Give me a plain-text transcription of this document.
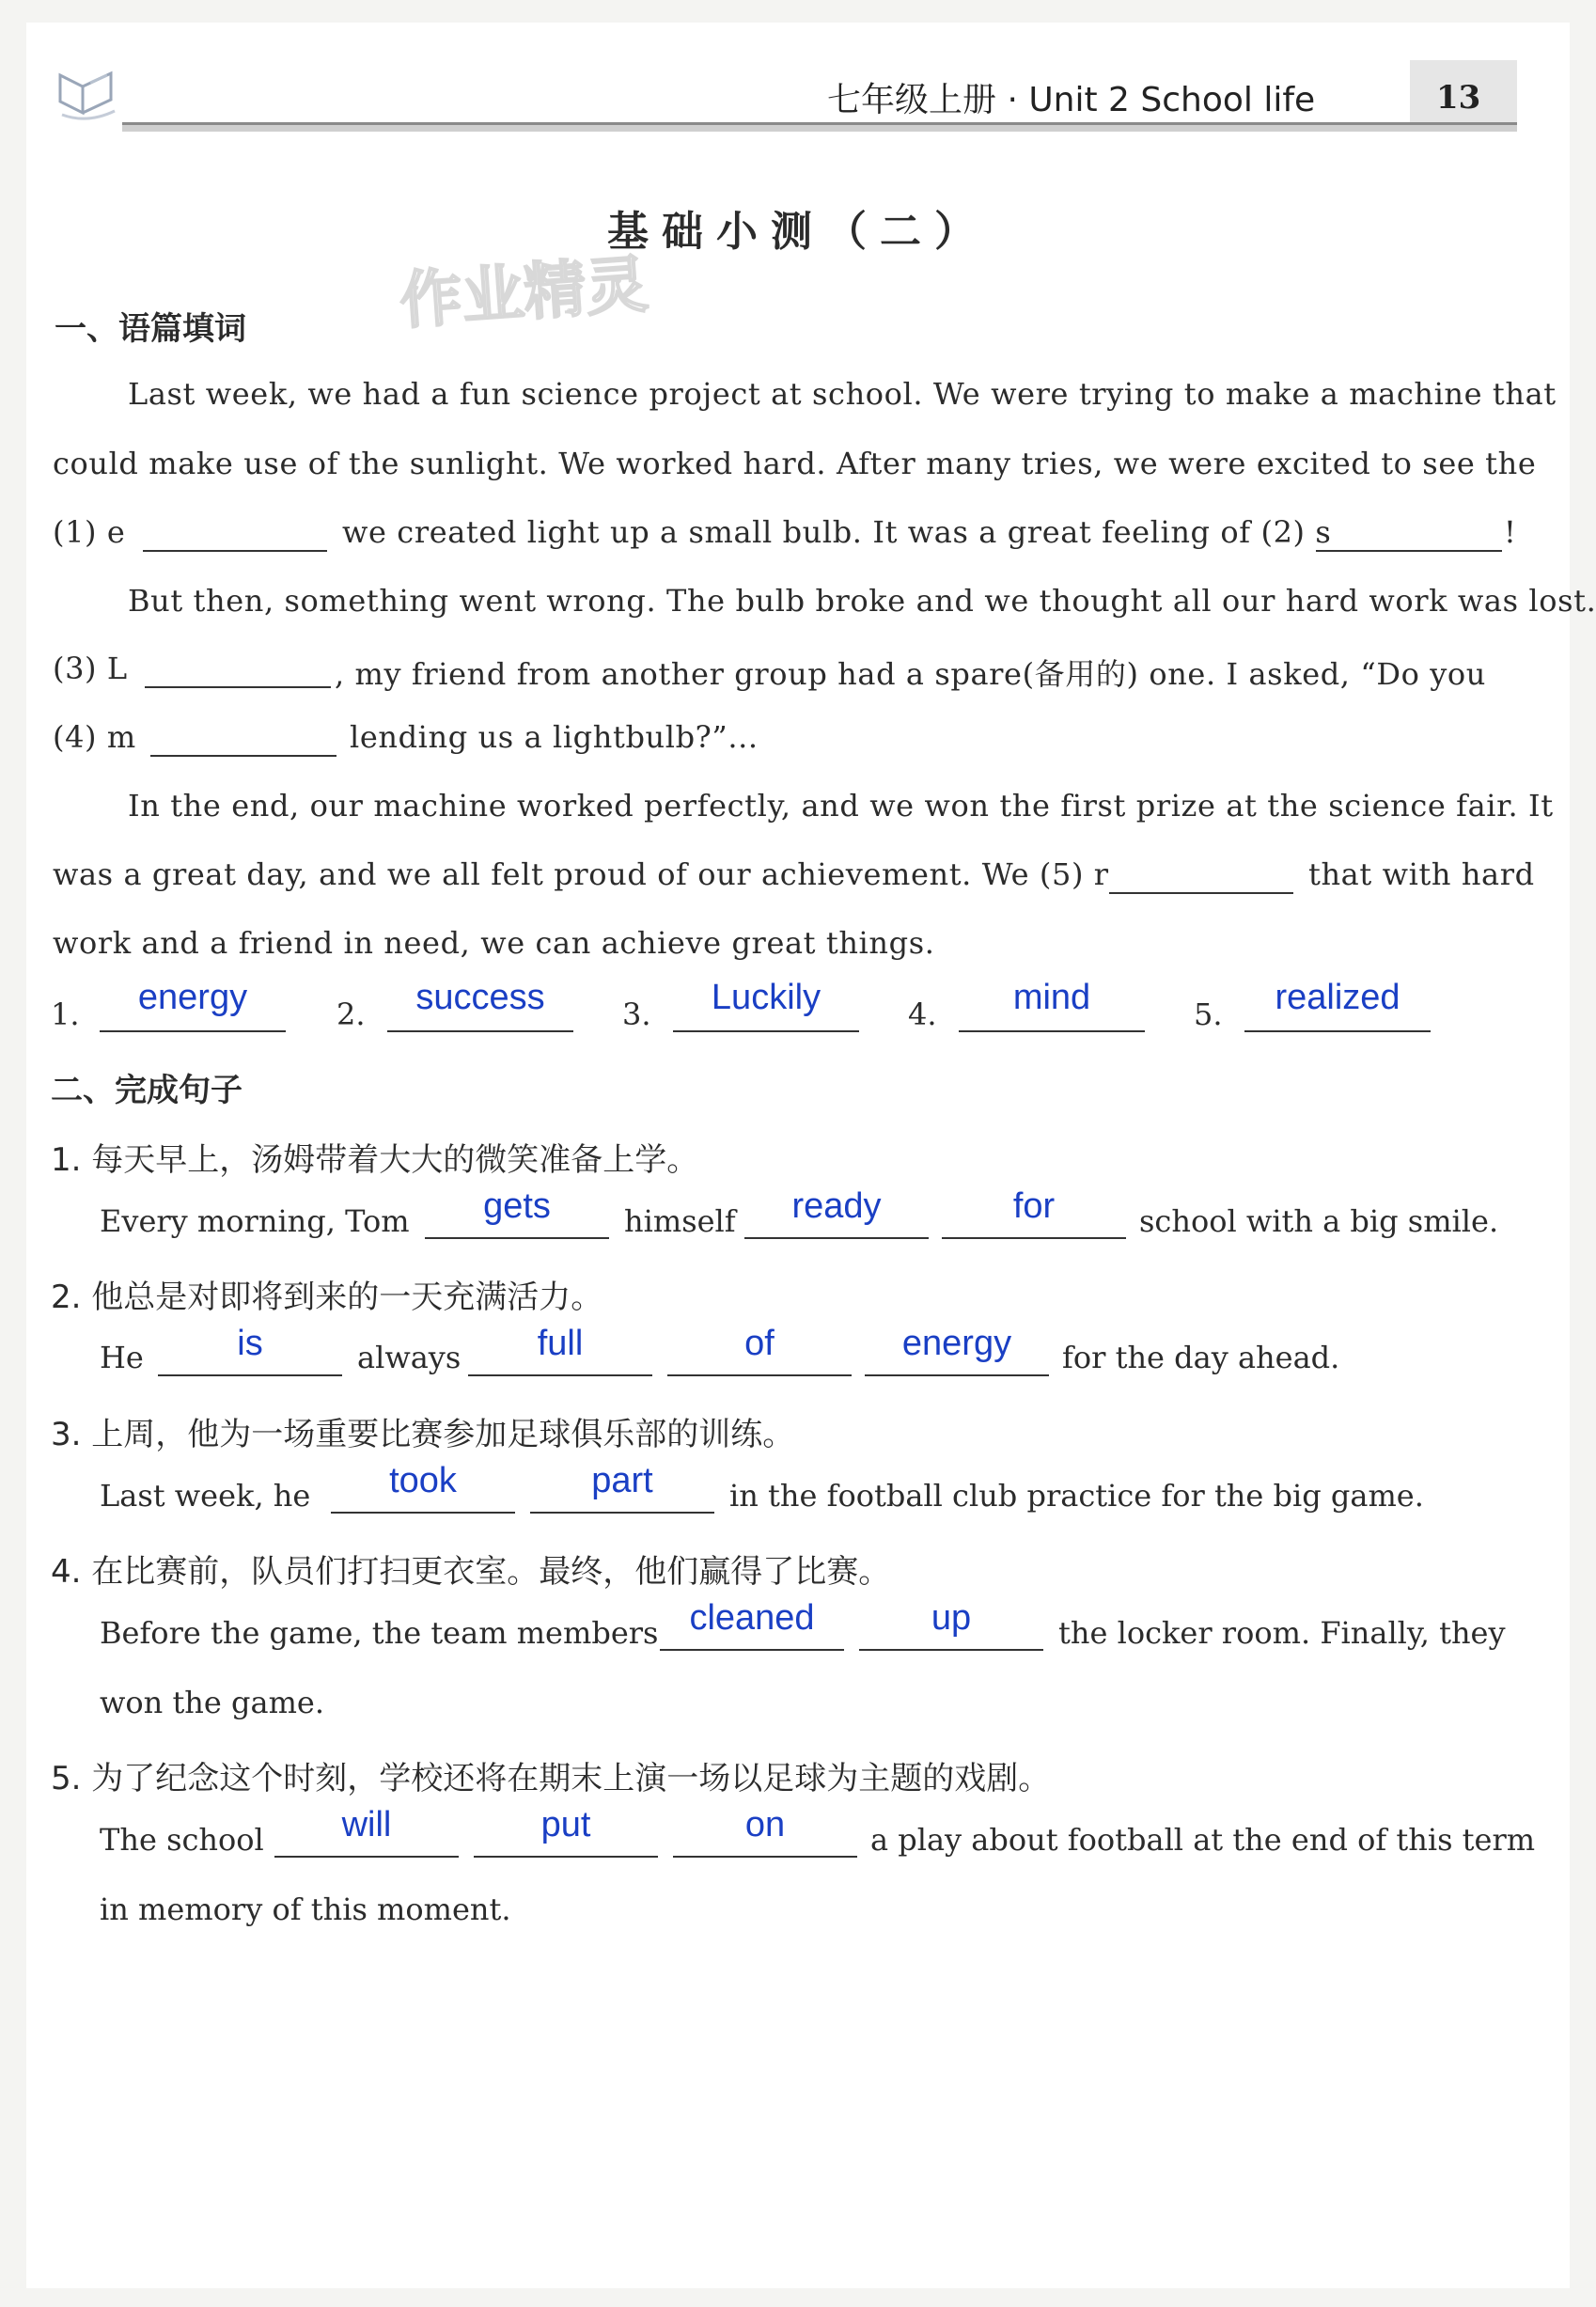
七年级上册 · Unit 2 School life	13
基础小测（二）
作业精灵
一、语篇填词
Last week, we had a fun science project at school. We were trying to make a machine that
could make use of the sunlight. We worked hard. After many tries, we were excited to see the
(1) e	we created light up a small bulb. It was a great feeling of (2) s	!
But then, something went wrong. The bulb broke and we thought all our hard work was lost.
(3) L	, my friend from another group had a spare(备用的) one. I asked, “Do you
(4) m	lending us a lightbulb?”...
In the end, our machine worked perfectly, and we won the first prize at the science fair. It
was a great day, and we all felt proud of our achievement. We (5) r	that with hard
work and a friend in need, we can achieve great things.
1.	energy	2.	success	3.	Luckily	4.	mind	5.	realized
二、完成句子
1. 每天早上，汤姆带着大大的微笑准备上学。
Every morning, Tom	gets	himself	ready	for	school with a big smile.
2. 他总是对即将到来的一天充满活力。
He	is	always	full	of	energy	for the day ahead.
3. 上周，他为一场重要比赛参加足球俱乐部的训练。
Last week, he	took	part	in the football club practice for the big game.
4. 在比赛前，队员们打扫更衣室。最终，他们赢得了比赛。
Before the game, the team members cleaned	up	the locker room. Finally, they
won the game.
5. 为了纪念这个时刻，学校还将在期末上演一场以足球为主题的戏剧。
The school	will	put	on	a play about football at the end of this term
in memory of this moment.
